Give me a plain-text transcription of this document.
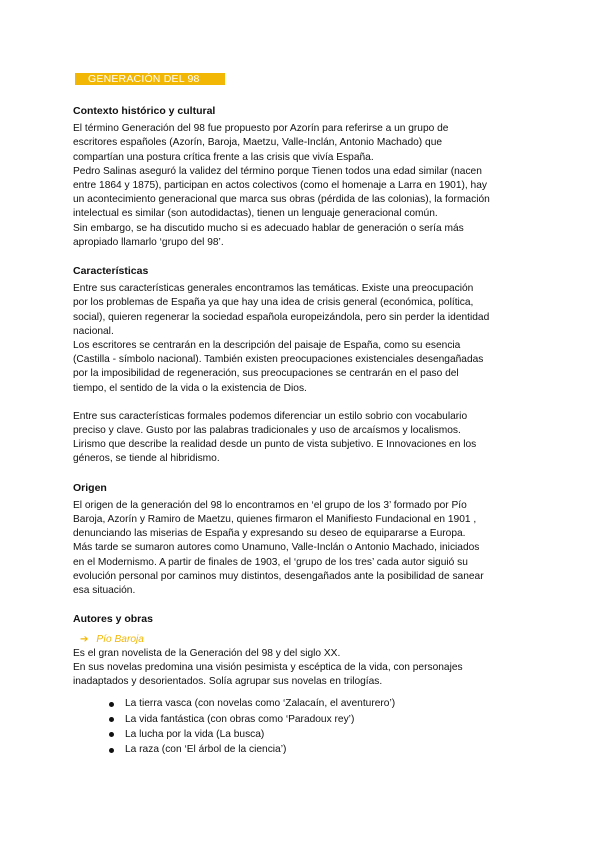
GENERACIÓN DEL 98
Contexto histórico y cultural

El término Generación del 98 fue propuesto por Azorín para referirse a un grupo de

escritores españoles (Azorín, Baroja, Maetzu, Valle-Inclán, Antonio Machado) que

compartían una postura crítica frente a las crisis que vivía España.

Pedro Salinas aseguró la validez del término porque Tienen todos una edad similar (nacen

entre 1864 y 1875), participan en actos colectivos (como el homenaje a Larra en 1901), hay

un acontecimiento generacional que marca sus obras (pérdida de las colonias), la formación

intelectual es similar (son autodidactas), tienen un lenguaje generacional común.

Sin embargo, se ha discutido mucho si es adecuado hablar de generación o sería más

apropiado llamarlo ‘grupo del 98’.

Características

Entre sus características generales encontramos las temáticas. Existe una preocupación

por los problemas de España ya que hay una idea de crisis general (económica, política,

social), quieren regenerar la sociedad española europeizándola, pero sin perder la identidad

nacional.

Los escritores se centrarán en la descripción del paisaje de España, como su esencia

(Castilla - símbolo nacional). También existen preocupaciones existenciales desengañadas

por la imposibilidad de regeneración, sus preocupaciones se centrarán en el paso del

tiempo, el sentido de la vida o la existencia de Dios.

Entre sus características formales podemos diferenciar un estilo sobrio con vocabulario

preciso y clave. Gusto por las palabras tradicionales y uso de arcaísmos y localismos.

Lirismo que describe la realidad desde un punto de vista subjetivo. E Innovaciones en los

géneros, se tiende al hibridismo.

Origen

El origen de la generación del 98 lo encontramos en ‘el grupo de los 3’ formado por Pío

Baroja, Azorín y Ramiro de Maetzu, quienes firmaron el Manifiesto Fundacional en 1901 ,

denunciando las miserias de España y expresando su deseo de equipararse a Europa.

Más tarde se sumaron autores como Unamuno, Valle-Inclán o Antonio Machado, iniciados

en el Modernismo. A partir de finales de 1903, el ‘grupo de los tres’ cada autor siguió su

evolución personal por caminos muy distintos, desengañados ante la posibilidad de sanear

esa situación.

Autores y obras
➔ Pío Baroja

Es el gran novelista de la Generación del 98 y del siglo XX.

En sus novelas predomina una visión pesimista y escéptica de la vida, con personajes

inadaptados y desorientados. Solía agrupar sus novelas en trilogías.

La tierra vasca (con novelas como ‘Zalacaín, el aventurero’)
La vida fantástica (con obras como ‘Paradoux rey’)
La lucha por la vida (La busca)
La raza (con ‘El árbol de la ciencia’)
